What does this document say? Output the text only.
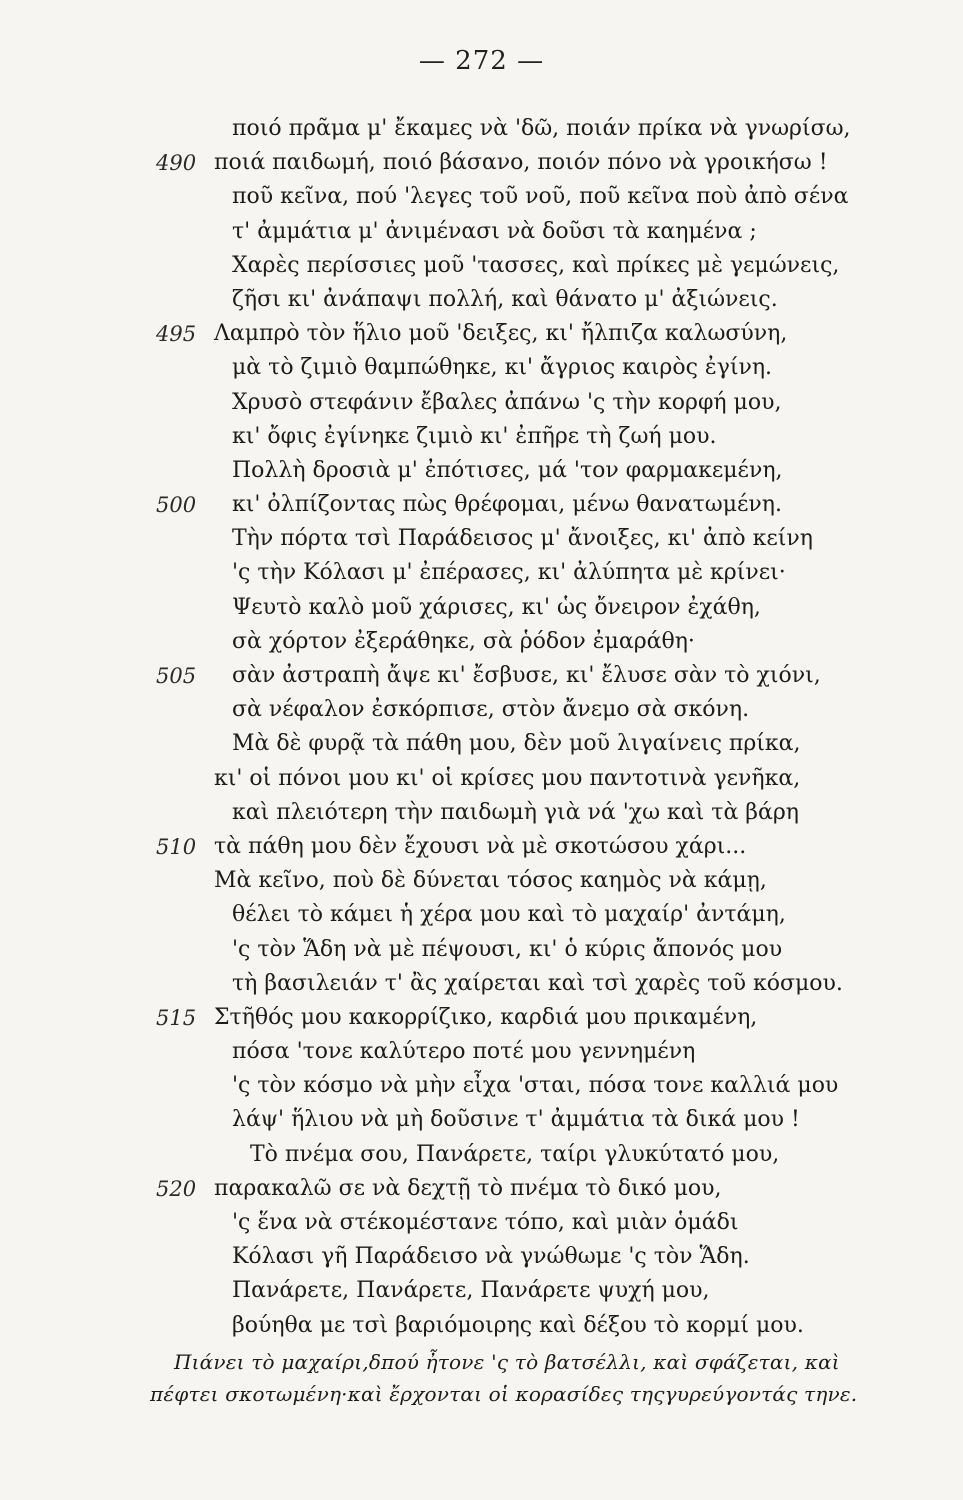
— 272 —
ποιό πρᾶμα μ' ἔκαμες νὰ 'δῶ, ποιάν πρίκα νὰ γνωρίσω,
490 ποιά παιδωμή, ποιό βάσανο, ποιόν πόνο νὰ γροικήσω !
ποῦ κεῖνα, πού 'λεγες τοῦ νοῦ, ποῦ κεῖνα ποὺ ἀπὸ σένα
τ' ἀμμάτια μ' ἀνιμένασι νὰ δοῦσι τὰ καημένα ;
Χαρὲς περίσσιες μοῦ 'τασσες, καὶ πρίκες μὲ γεμώνεις,
ζῆσι κι' ἀνάπαψι πολλή, καὶ θάνατο μ' ἀξιώνεις.
495 Λαμπρὸ τὸν ἥλιο μοῦ 'δειξες, κι' ἤλπιζα καλωσύνη,
μὰ τὸ ζιμιὸ θαμπώθηκε, κι' ἄγριος καιρὸς ἐγίνη.
Χρυσὸ στεφάνιν ἔβαλες ἀπάνω 'ς τὴν κορφή μου,
κι' ὄφις ἐγίνηκε ζιμιὸ κι' ἐπῆρε τὴ ζωή μου.
Πολλὴ δροσιὰ μ' ἐπότισες, μά 'τον φαρμακεμένη,
500	κι' ὀλπίζοντας πὼς θρέφομαι, μένω θανατωμένη.
Τὴν πόρτα τσὶ Παράδεισος μ' ἄνοιξες, κι' ἀπὸ κείνη
'ς τὴν Κόλασι μ' ἐπέρασες, κι' ἀλύπητα μὲ κρίνει·
Ψευτὸ καλὸ μοῦ χάρισες, κι' ὡς ὄνειρον ἐχάθη,
σὰ χόρτον ἐξεράθηκε, σὰ ῥόδον ἐμαράθη·
505	σὰν ἀστραπὴ ἄψε κι' ἔσβυσε, κι' ἔλυσε σὰν τὸ χιόνι,
σὰ νέφαλον ἐσκόρπισε, στὸν ἄνεμο σὰ σκόνη.
Μὰ δὲ φυρᾷ τὰ πάθη μου, δὲν μοῦ λιγαίνεις πρίκα,
κι' οἱ πόνοι μου κι' οἱ κρίσες μου παντοτινὰ γενῆκα,
καὶ πλειότερη τὴν παιδωμὴ γιὰ νά 'χω καὶ τὰ βάρη
510 τὰ πάθη μου δὲν ἔχουσι νὰ μὲ σκοτώσου χάρι...
Μὰ κεῖνο, ποὺ δὲ δύνεται τόσος καημὸς νὰ κάμῃ,
θέλει τὸ κάμει ἡ χέρα μου καὶ τὸ μαχαίρ' ἀντάμη,
'ς τὸν Ἅδη νὰ μὲ πέψουσι, κι' ὁ κύρις ἄπονός μου
τὴ βασιλειάν τ' ἂς χαίρεται καὶ τσὶ χαρὲς τοῦ κόσμου.
515 Στῆθός μου κακορρίζικο, καρδιά μου πρικαμένη,
πόσα 'τονε καλύτερο ποτέ μου γεννημένη
'ς τὸν κόσμο νὰ μὴν εἶχα 'σται, πόσα τονε καλλιά μου
λάψ' ἥλιου νὰ μὴ δοῦσινε τ' ἀμμάτια τὰ δικά μου !
Τὸ πνέμα σου, Πανάρετε, ταίρι γλυκύτατό μου,
520 παρακαλῶ σε νὰ δεχτῇ τὸ πνέμα τὸ δικό μου,
'ς ἕνα νὰ στέκομέστανε τόπο, καὶ μιὰν ὁμάδι
Κόλασι γῆ Παράδεισο νὰ γνώθωμε 'ς τὸν Ἅδη.
Πανάρετε, Πανάρετε, Πανάρετε ψυχή μου,
βούηθα με τσὶ βαριόμοιρης καὶ δέξου τὸ κορμί μου.
Πιάνει τὸ μαχαίρι,δπού ἦτονε 'ς τὸ βατσέλλι, καὶ σφάζεται, καὶ
πέφτει σκοτωμένη·καὶ ἔρχονται οἱ κορασίδες τηςγυρεύγοντάς τηνε.
